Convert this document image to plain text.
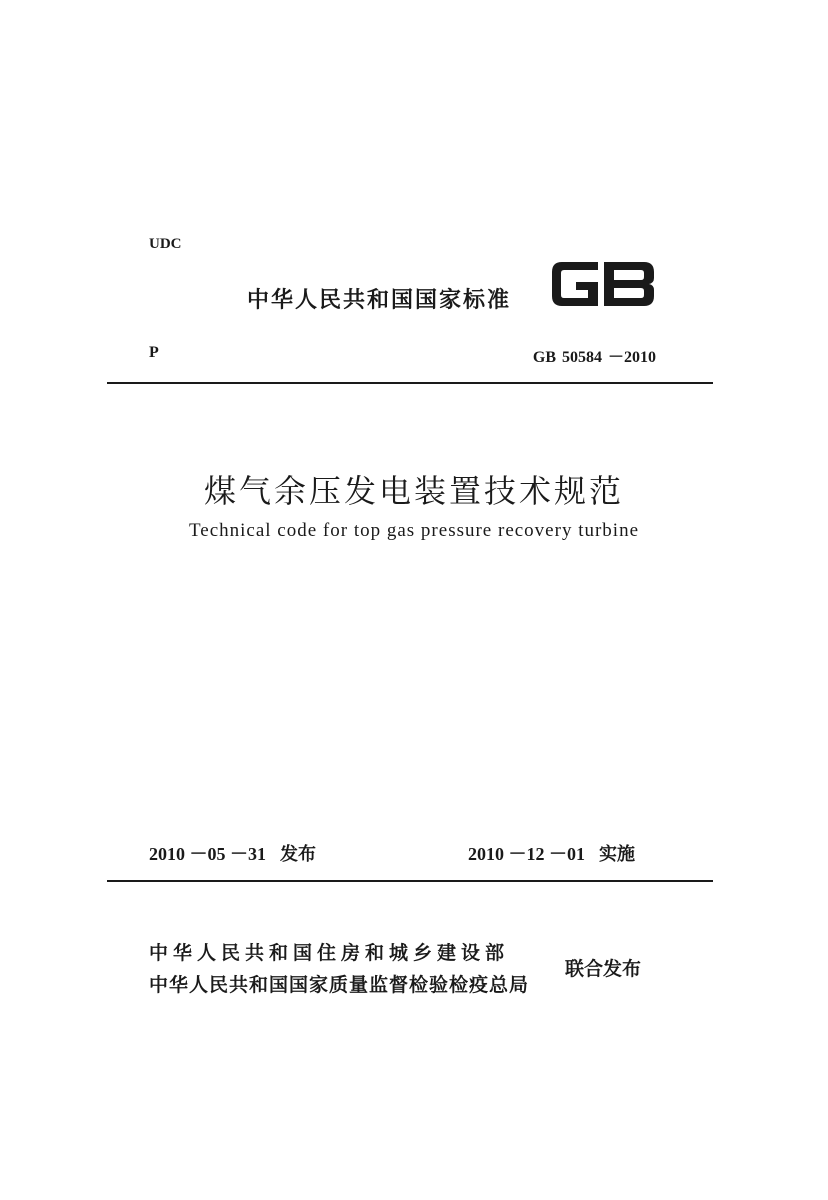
UDC
中华人民共和国国家标准
GB
P	GB 50584 －2010
煤气余压发电装置技术规范
Technical code for top gas pressure recovery turbine
2010 －05 －31 发布	2010 －12 －01 实施
中华人民共和国住房和城乡建设部
中华人民共和国国家质量监督检验检疫总局
联合发布
